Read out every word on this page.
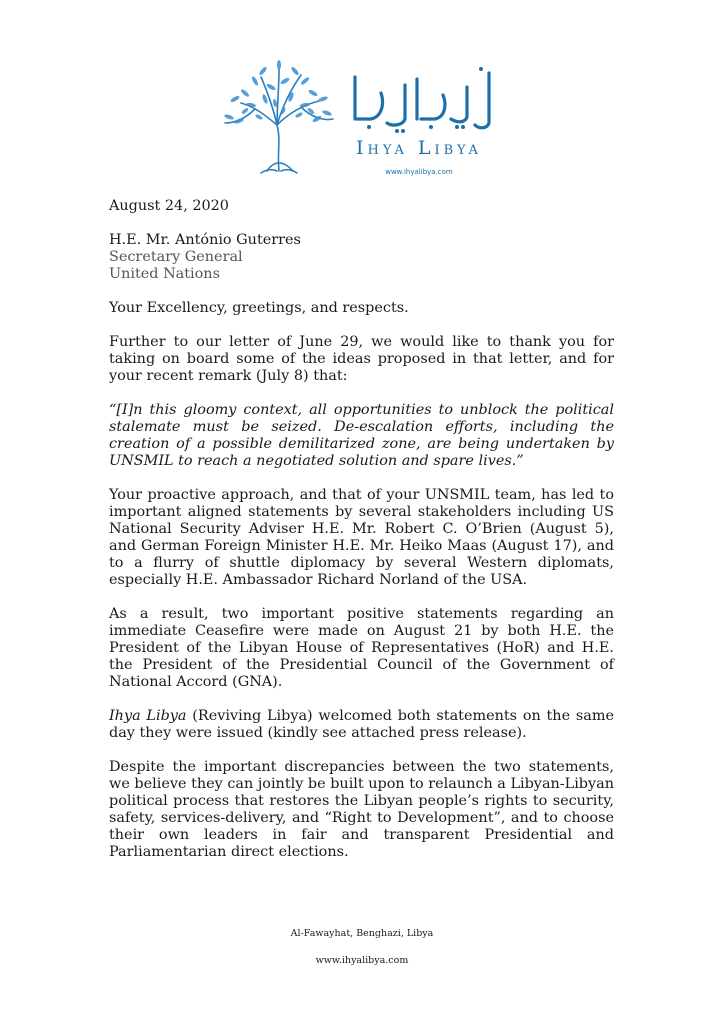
Ihya Libya
www.ihyalibya.com

August 24, 2020

H.E. Mr. António Guterres
Secretary General
United Nations

Your Excellency, greetings, and respects.

Further to our letter of June 29, we would like to thank you for taking on board some of the ideas proposed in that letter, and for your recent remark (July 8) that:

“[I]n this gloomy context, all opportunities to unblock the political stalemate must be seized. De-escalation efforts, including the creation of a possible demilitarized zone, are being undertaken by UNSMIL to reach a negotiated solution and spare lives.”

Your proactive approach, and that of your UNSMIL team, has led to important aligned statements by several stakeholders including US National Security Adviser H.E. Mr. Robert C. O’Brien (August 5), and German Foreign Minister H.E. Mr. Heiko Maas (August 17), and to a flurry of shuttle diplomacy by several Western diplomats, especially H.E. Ambassador Richard Norland of the USA.

As a result, two important positive statements regarding an immediate Ceasefire were made on August 21 by both H.E. the President of the Libyan House of Representatives (HoR) and H.E. the President of the Presidential Council of the Government of National Accord (GNA).

Ihya Libya (Reviving Libya) welcomed both statements on the same day they were issued (kindly see attached press release).

Despite the important discrepancies between the two statements, we believe they can jointly be built upon to relaunch a Libyan-Libyan political process that restores the Libyan people’s rights to security, safety, services-delivery, and “Right to Development”, and to choose their own leaders in fair and transparent Presidential and Parliamentarian direct elections.

Al-Fawayhat, Benghazi, Libya
www.ihyalibya.com
